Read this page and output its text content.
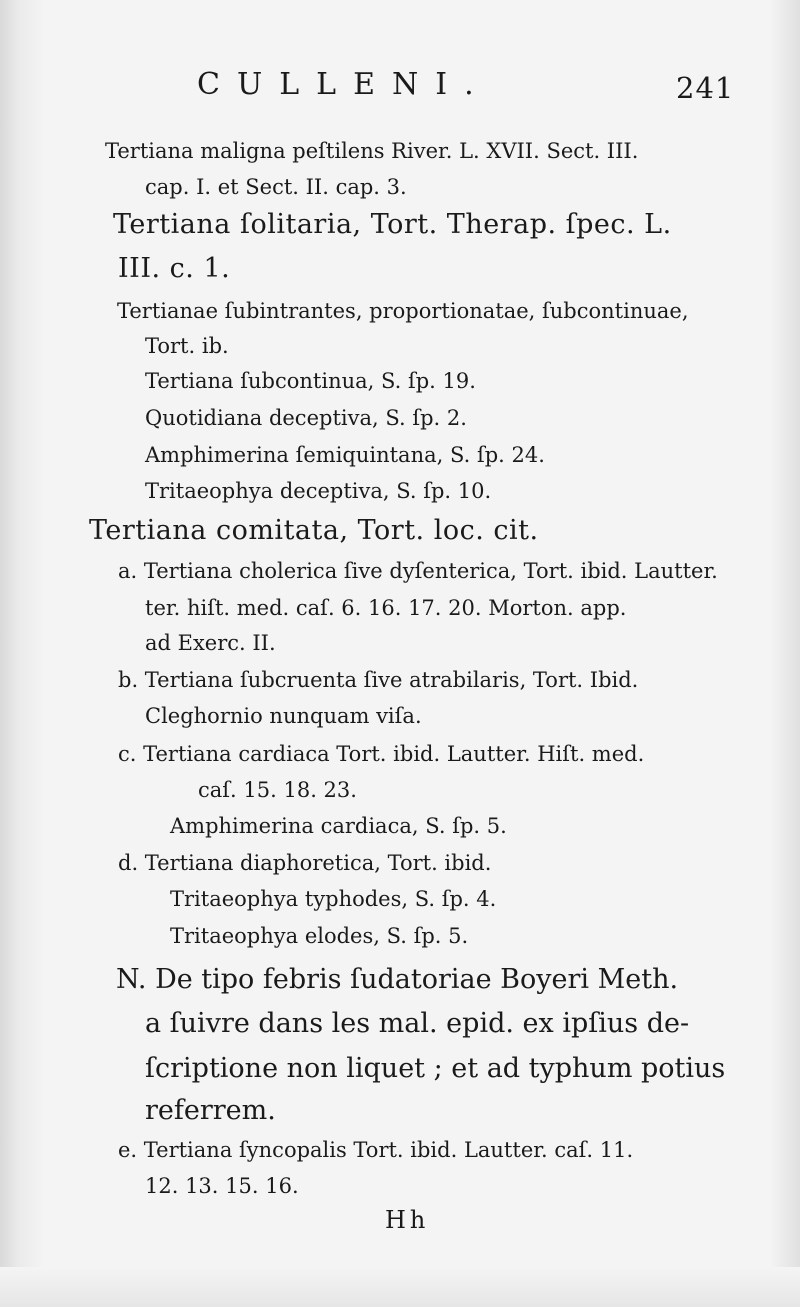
CULLENI.	241
Tertiana maligna peſtilens River. L. XVII. Sect. III.
cap. I. et Sect. II. cap. 3.
Tertiana ſolitaria, Tort. Therap. ſpec. L.
III. c. 1.
Tertianae ſubintrantes, proportionatae, ſubcontinuae,
Tort. ib.
Tertiana ſubcontinua, S. ſp. 19.
Quotidiana deceptiva, S. ſp. 2.
Amphimerina ſemiquintana, S. ſp. 24.
Tritaeophya deceptiva, S. ſp. 10.
Tertiana comitata, Tort. loc. cit.
a. Tertiana cholerica ſive dyſenterica, Tort. ibid. Lautter.
ter. hiſt. med. caſ. 6. 16. 17. 20. Morton. app.
ad Exerc. II.
b. Tertiana ſubcruenta ſive atrabilaris, Tort. Ibid.
Cleghornio nunquam viſa.
c. Tertiana cardiaca Tort. ibid. Lautter. Hiſt. med.
caſ. 15. 18. 23.
Amphimerina cardiaca, S. ſp. 5.
d. Tertiana diaphoretica, Tort. ibid.
Tritaeophya typhodes, S. ſp. 4.
Tritaeophya elodes, S. ſp. 5.
N. De tipo febris ſudatoriae Boyeri Meth.
a ſuivre dans les mal. epid. ex ipſius de-
ſcriptione non liquet ; et ad typhum potius
referrem.
e. Tertiana ſyncopalis Tort. ibid. Lautter. caſ. 11.
12. 13. 15. 16.
Hh
